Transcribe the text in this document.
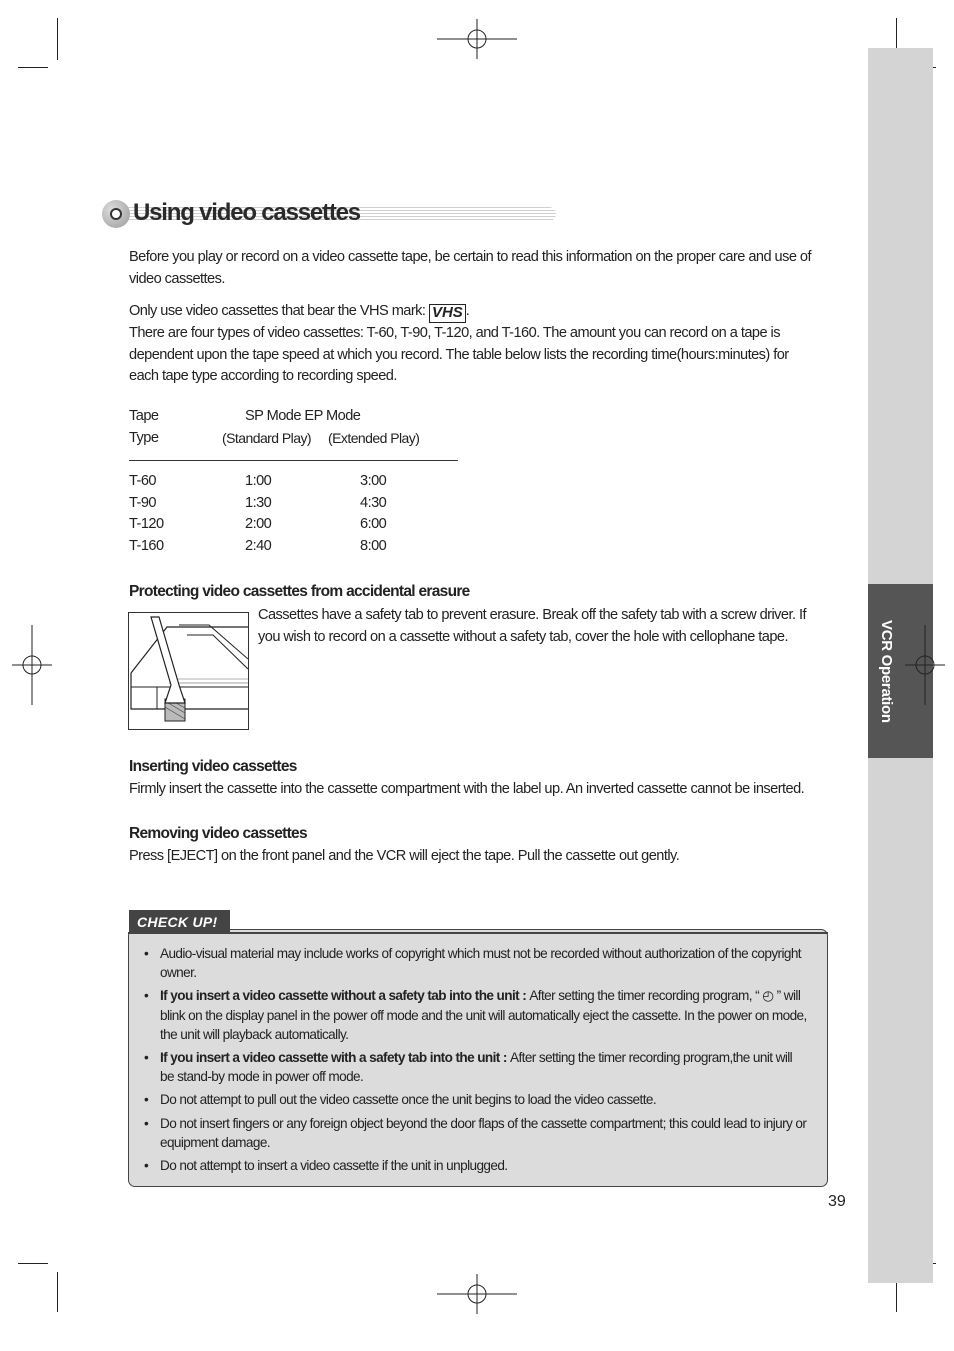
VCR Operation
Using video cassettes
Before you play or record on a video cassette tape, be certain to read this information on the proper care and use of video cassettes.
Only use video cassettes that bear the VHS mark: VHS .
There are four types of video cassettes: T-60, T-90, T-120, and T-160. The amount you can record on a tape is dependent upon the tape speed at which you record. The table below lists the recording time(hours:minutes) for each tape type according to recording speed.
Tape	SP Mode EP Mode
Type	(Standard Play) (Extended Play)
T-60	1:00	3:00
T-90	1:30	4:30
T-120	2:00	6:00
T-160	2:40	8:00
Protecting video cassettes from accidental erasure
Cassettes have a safety tab to prevent erasure. Break off the safety tab with a screw driver. If you wish to record on a cassette without a safety tab, cover the hole with cellophane tape.
Inserting video cassettes
Firmly insert the cassette into the cassette compartment with the label up. An inverted cassette cannot be inserted.
Removing video cassettes
Press [EJECT] on the front panel and the VCR will eject the tape. Pull the cassette out gently.
CHECK UP!
• Audio-visual material may include works of copyright which must not be recorded without authorization of the copyright owner.
• If you insert a video cassette without a safety tab into the unit : After setting the timer recording program, “ ◴ ” will blink on the display panel in the power off mode and the unit will automatically eject the cassette. In the power on mode, the unit will playback automatically.
• If you insert a video cassette with a safety tab into the unit : After setting the timer recording program,the unit will be stand-by mode in power off mode.
• Do not attempt to pull out the video cassette once the unit begins to load the video cassette.
• Do not insert fingers or any foreign object beyond the door flaps of the cassette compartment; this could lead to injury or equipment damage.
• Do not attempt to insert a video cassette if the unit in unplugged.
39
